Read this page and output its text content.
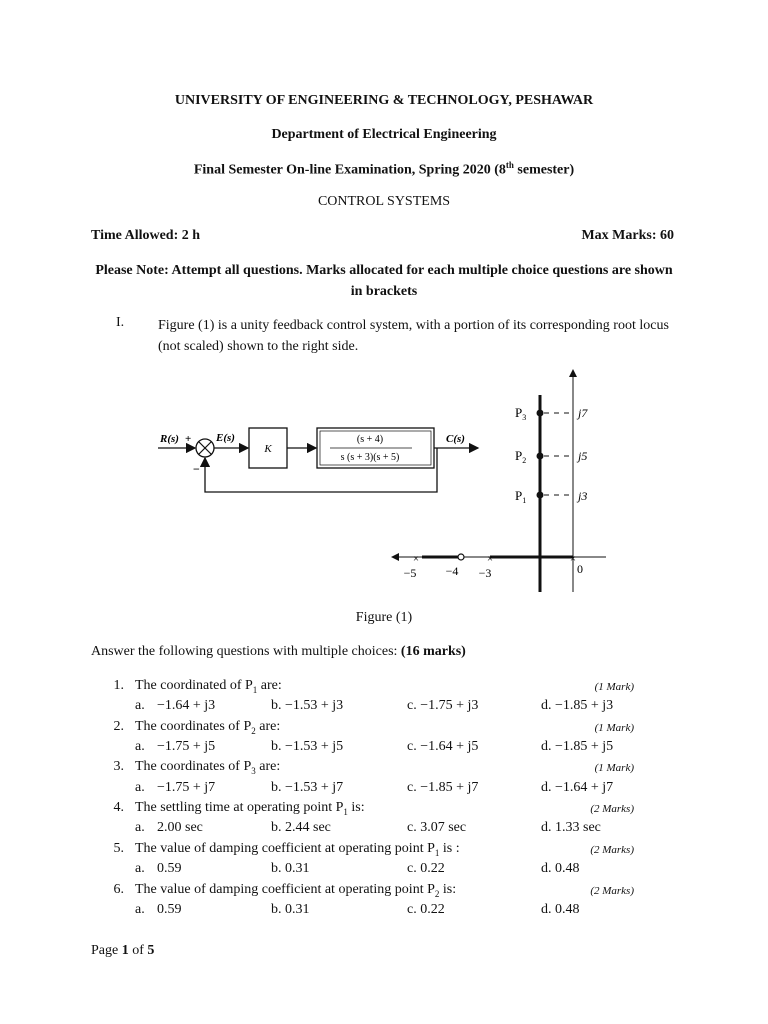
UNIVERSITY OF ENGINEERING & TECHNOLOGY, PESHAWAR
Department of Electrical Engineering
Final Semester On-line Examination, Spring 2020 (8th semester)
CONTROL SYSTEMS
Time Allowed: 2 h	Max Marks: 60
Please Note: Attempt all questions. Marks allocated for each multiple choice questions are shown in brackets
I. Figure (1) is a unity feedback control system, with a portion of its corresponding root locus (not scaled) shown to the right side.
R(s) +
−
E(s)
K
(s + 4)
s (s + 3)(s + 5)
C(s)
×	×	×
$P_3$
$P_2$
$P_1$
j7
j5
j3
−5 −4 −3	0
Figure (1)
Answer the following questions with multiple choices: (16 marks)
1. The coordinated of $P_1$ are:	(1 Mark)
a. −1.64 + j3	b. −1.53 + j3	c. −1.75 + j3	d. −1.85 + j3
2. The coordinates of $P_2$ are:	(1 Mark)
a. −1.75 + j5	b. −1.53 + j5	c. −1.64 + j5	d. −1.85 + j5
3. The coordinates of $P_3$ are:	(1 Mark)
a. −1.75 + j7	b. −1.53 + j7	c. −1.85 + j7	d. −1.64 + j7
4. The settling time at operating point $P_1$ is:	(2 Marks)
a. 2.00 sec	b. 2.44 sec	c. 3.07 sec	d. 1.33 sec
5. The value of damping coefficient at operating point $P_1$ is :	(2 Marks)
a. 0.59	b. 0.31	c. 0.22	d. 0.48
6. The value of damping coefficient at operating point $P_2$ is:	(2 Marks)
a. 0.59	b. 0.31	c. 0.22	d. 0.48
Page 1 of 5
